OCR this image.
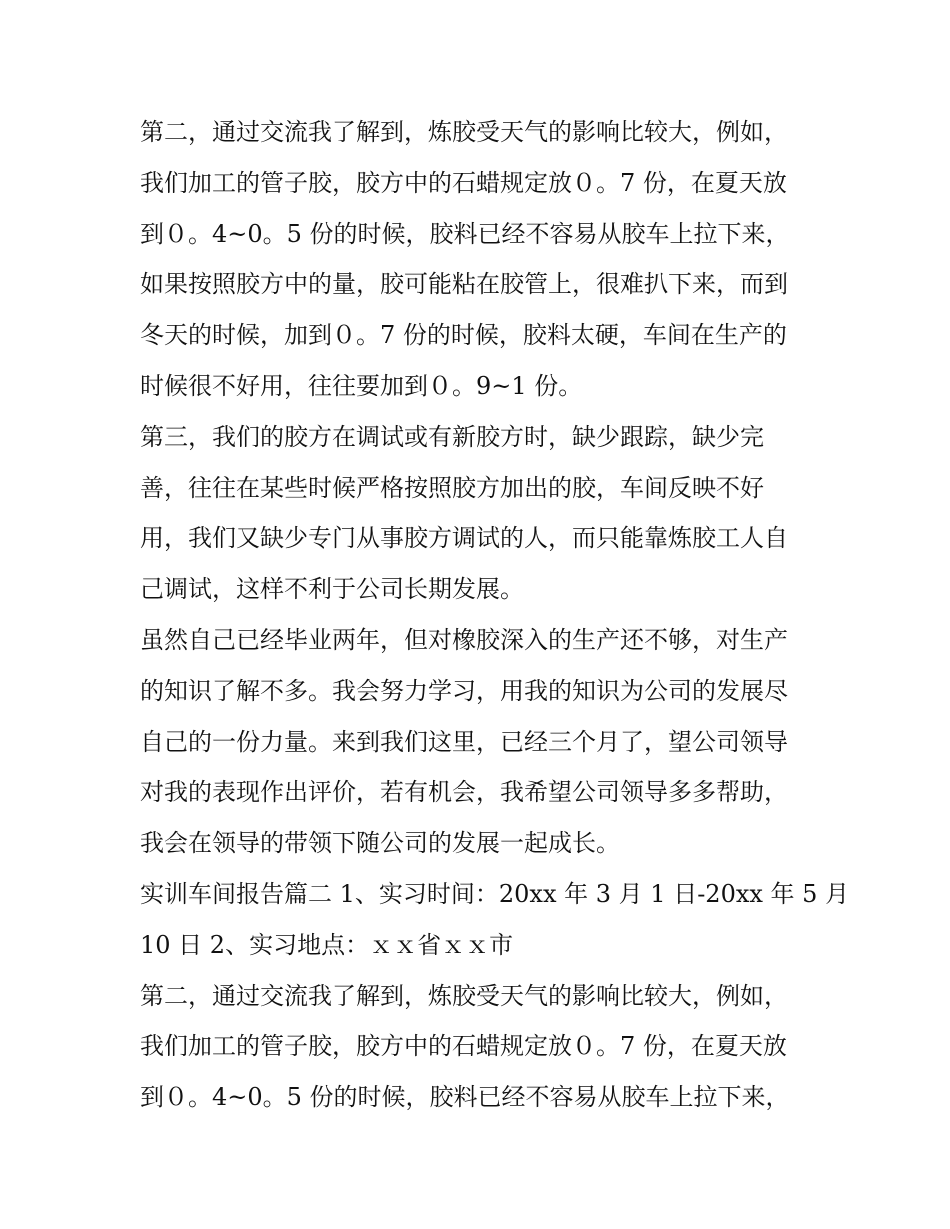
第二，通过交流我了解到，炼胶受天气的影响比较大，例如，
我们加工的管子胶，胶方中的石蜡规定放０。7 份，在夏天放
到０。4~0。5 份的时候，胶料已经不容易从胶车上拉下来，
如果按照胶方中的量，胶可能粘在胶管上，很难扒下来，而到
冬天的时候，加到０。7 份的时候，胶料太硬，车间在生产的
时候很不好用，往往要加到０。9~1 份。
第三，我们的胶方在调试或有新胶方时，缺少跟踪，缺少完
善，往往在某些时候严格按照胶方加出的胶，车间反映不好
用，我们又缺少专门从事胶方调试的人，而只能靠炼胶工人自
己调试，这样不利于公司长期发展。
虽然自己已经毕业两年，但对橡胶深入的生产还不够，对生产
的知识了解不多。我会努力学习，用我的知识为公司的发展尽
自己的一份力量。来到我们这里，已经三个月了，望公司领导
对我的表现作出评价，若有机会，我希望公司领导多多帮助，
我会在领导的带领下随公司的发展一起成长。
实训车间报告篇二 1、实习时间：20xx 年 3 月 1 日-20xx 年 5 月
10 日 2、实习地点：ｘｘ省ｘｘ市
第二，通过交流我了解到，炼胶受天气的影响比较大，例如，
我们加工的管子胶，胶方中的石蜡规定放０。7 份，在夏天放
到０。4~0。5 份的时候，胶料已经不容易从胶车上拉下来，
